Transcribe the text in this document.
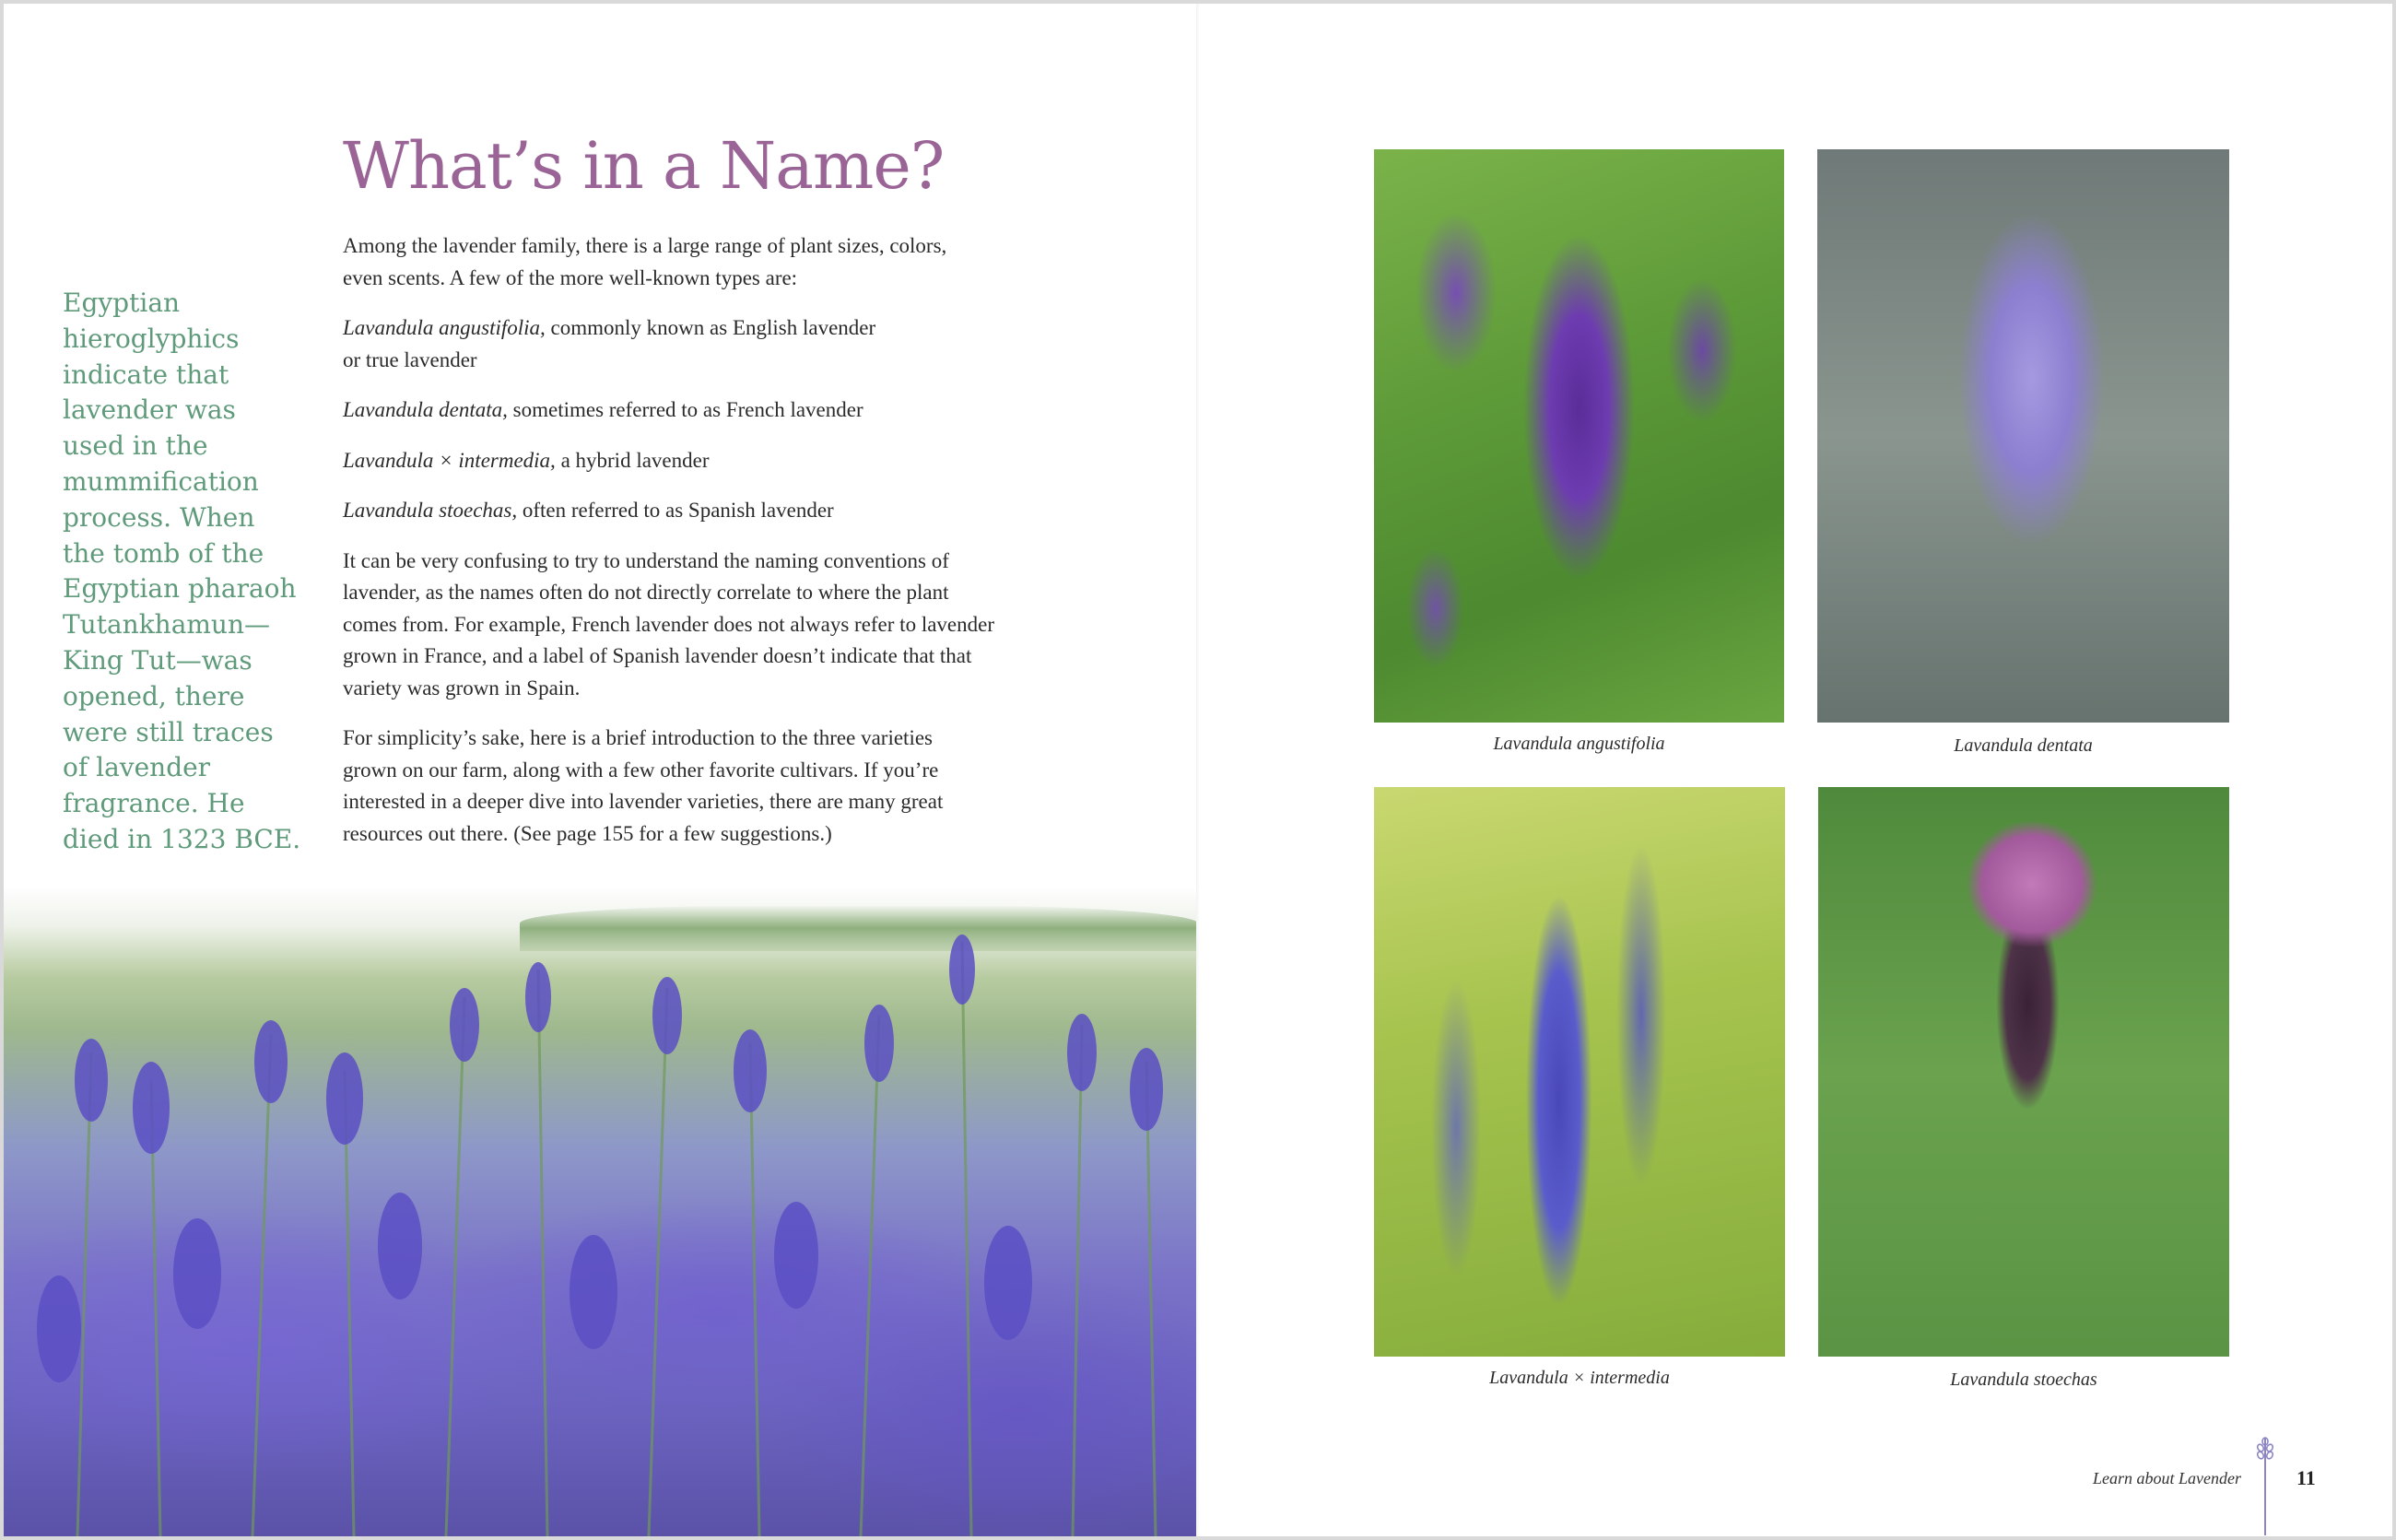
Egyptian
hieroglyphics
indicate that
lavender was
used in the
mummification
process. When
the tomb of the
Egyptian pharaoh
Tutankhamun—
King Tut—was
opened, there
were still traces
of lavender
fragrance. He
died in 1323 BCE.
What’s in a Name?

Among the lavender family, there is a large range of plant sizes, colors,
even scents. A few of the more well-known types are:

Lavandula angustifolia, commonly known as English lavender
or true lavender
Lavandula dentata, sometimes referred to as French lavender
Lavandula × intermedia, a hybrid lavender
Lavandula stoechas, often referred to as Spanish lavender

It can be very confusing to try to understand the naming conventions of
lavender, as the names often do not directly correlate to where the plant
comes from. For example, French lavender does not always refer to lavender
grown in France, and a label of Spanish lavender doesn’t indicate that that
variety was grown in Spain.

For simplicity’s sake, here is a brief introduction to the three varieties
grown on our farm, along with a few other favorite cultivars. If you’re
interested in a deeper dive into lavender varieties, there are many great
resources out there. (See page 155 for a few suggestions.)

Lavandula angustifolia	Lavandula dentata
Lavandula × intermedia	Lavandula stoechas
Learn about Lavender	11
